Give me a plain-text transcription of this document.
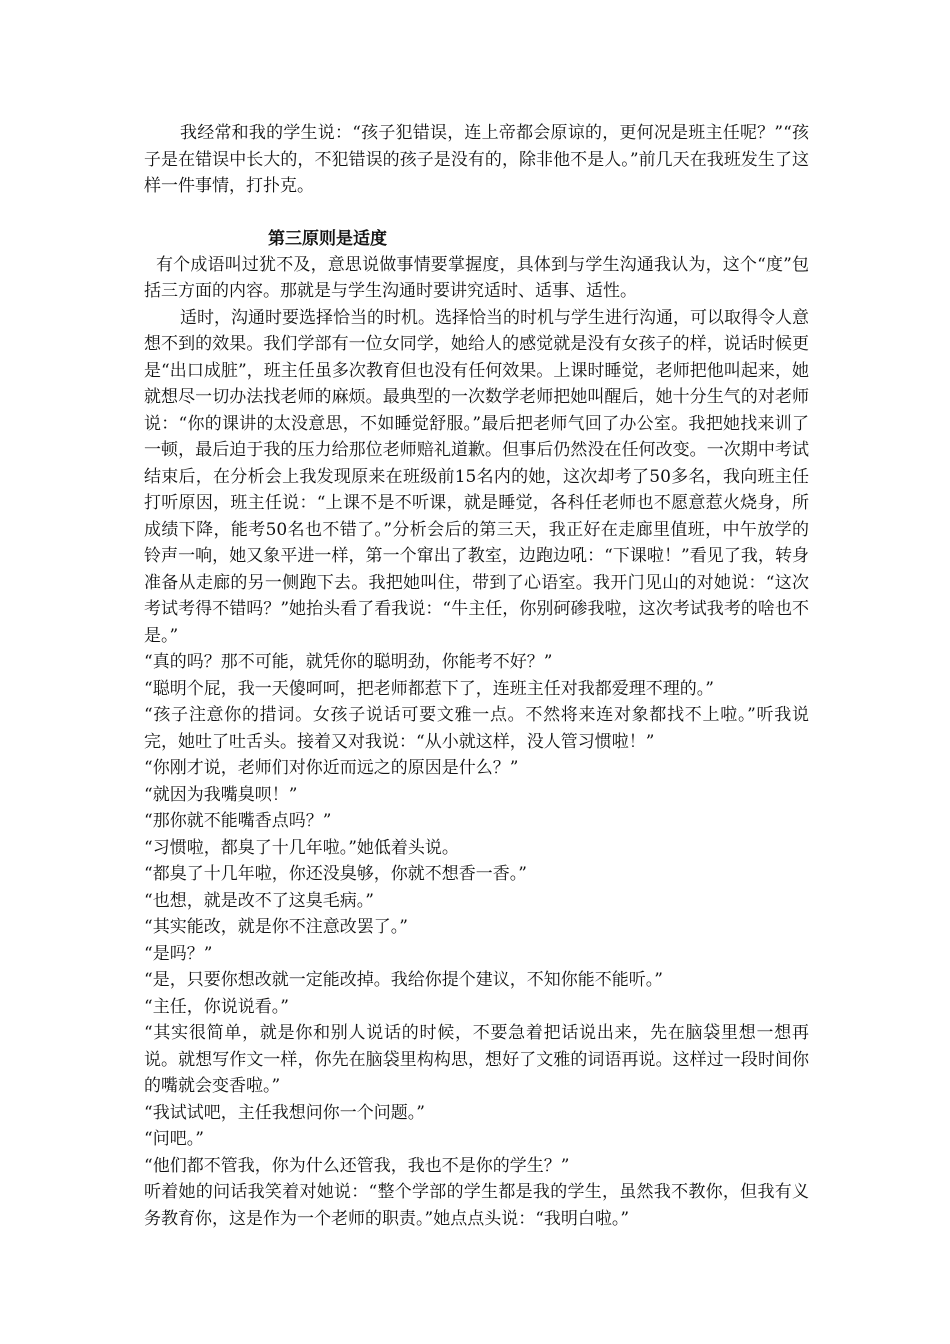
我经常和我的学生说：“孩子犯错误，连上帝都会原谅的，更何况是班主任呢？”“孩子是在错误中长大的，不犯错误的孩子是没有的，除非他不是人。”前几天在我班发生了这样一件事情，打扑克。

第三原则是适度

有个成语叫过犹不及，意思说做事情要掌握度，具体到与学生沟通我认为，这个“度”包括三方面的内容。那就是与学生沟通时要讲究适时、适事、适性。

适时，沟通时要选择恰当的时机。选择恰当的时机与学生进行沟通，可以取得令人意想不到的效果。我们学部有一位女同学，她给人的感觉就是没有女孩子的样，说话时候更是“出口成脏”，班主任虽多次教育但也没有任何效果。上课时睡觉，老师把他叫起来，她就想尽一切办法找老师的麻烦。最典型的一次数学老师把她叫醒后，她十分生气的对老师说：“你的课讲的太没意思，不如睡觉舒服。”最后把老师气回了办公室。我把她找来训了一顿，最后迫于我的压力给那位老师赔礼道歉。但事后仍然没在任何改变。一次期中考试结束后，在分析会上我发现原来在班级前15名内的她，这次却考了50多名，我向班主任打听原因，班主任说：“上课不是不听课，就是睡觉，各科任老师也不愿意惹火烧身，所成绩下降，能考50名也不错了。”分析会后的第三天，我正好在走廊里值班，中午放学的铃声一响，她又象平进一样，第一个窜出了教室，边跑边吼：“下课啦！”看见了我，转身准备从走廊的另一侧跑下去。我把她叫住，带到了心语室。我开门见山的对她说：“这次考试考得不错吗？”她抬头看了看我说：“牛主任，你别砢碜我啦，这次考试我考的啥也不是。”

“真的吗？那不可能，就凭你的聪明劲，你能考不好？”

“聪明个屁，我一天傻呵呵，把老师都惹下了，连班主任对我都爱理不理的。”

“孩子注意你的措词。女孩子说话可要文雅一点。不然将来连对象都找不上啦。”听我说完，她吐了吐舌头。接着又对我说：“从小就这样，没人管习惯啦！”

“你刚才说，老师们对你近而远之的原因是什么？”

“就因为我嘴臭呗！”

“那你就不能嘴香点吗？”

“习惯啦，都臭了十几年啦。”她低着头说。

“都臭了十几年啦，你还没臭够，你就不想香一香。”

“也想，就是改不了这臭毛病。”

“其实能改，就是你不注意改罢了。”

“是吗？”

“是，只要你想改就一定能改掉。我给你提个建议，不知你能不能听。”

“主任，你说说看。”

“其实很简单，就是你和别人说话的时候，不要急着把话说出来，先在脑袋里想一想再说。就想写作文一样，你先在脑袋里构构思，想好了文雅的词语再说。这样过一段时间你的嘴就会变香啦。”

“我试试吧，主任我想问你一个问题。”

“问吧。”

“他们都不管我，你为什么还管我，我也不是你的学生？”

听着她的问话我笑着对她说：“整个学部的学生都是我的学生，虽然我不教你，但我有义务教育你，这是作为一个老师的职责。”她点点头说：“我明白啦。”
